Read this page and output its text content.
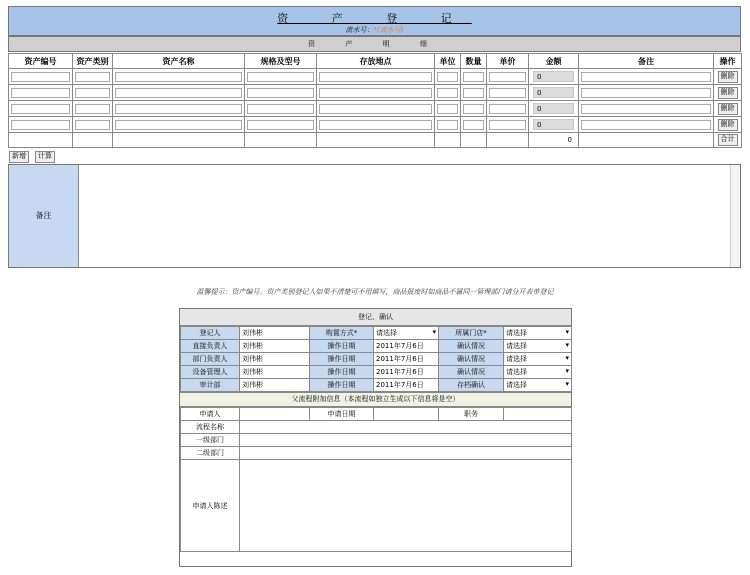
资 产 登 记
流水号：*(流水号)
资 产 明 细
资产编号	资产类别	资产名称	规格及型号	存放地点	单位	数量	单价	金额	备注	操作

								0		删除

								0		删除

								0		删除

								0		删除
								0		合计
新增	计算
备注
温馨提示：资产编号、资产类别登记人如果不清楚可不用填写，商品报废时如商品不属同一管理部门请分开表单登记
登记、确认
登记人	刘伟彬	购置方式*	请选择 ▾	所属门店*	请选择 ▾

直接负责人	刘伟彬	操作日期	2011年7月6日	确认情况	请选择 ▾

部门负责人	刘伟彬	操作日期	2011年7月6日	确认情况	请选择 ▾

设备管理人	刘伟彬	操作日期	2011年7月6日	确认情况	请选择 ▾

审计部	刘伟彬	操作日期	2011年7月6日	存档确认	请选择 ▾
父流程附加信息（本流程如独立生成以下信息将是空）
申请人		申请日期		职务	
流程名称					
一级部门					
二级部门					
申请人陈述					
